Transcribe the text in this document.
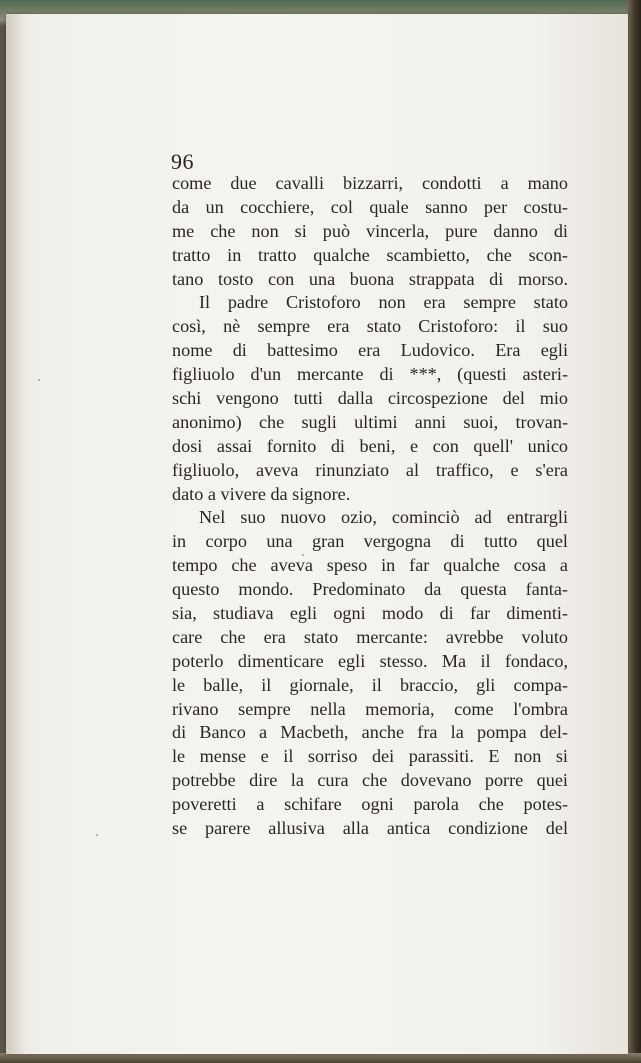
96
come due cavalli bizzarri, condotti a mano
da un cocchiere, col quale sanno per costu-
me che non si può vincerla, pure danno di
tratto in tratto qualche scambietto, che scon-
tano tosto con una buona strappata di morso.
Il padre Cristoforo non era sempre stato
così, nè sempre era stato Cristoforo: il suo
nome di battesimo era Ludovico. Era egli
figliuolo d'un mercante di ***, (questi asteri-
schi vengono tutti dalla circospezione del mio
anonimo) che sugli ultimi anni suoi, trovan-
dosi assai fornito di beni, e con quell' unico
figliuolo, aveva rinunziato al traffico, e s'era
dato a vivere da signore.
Nel suo nuovo ozio, cominciò ad entrargli
in corpo una gran vergogna di tutto quel
tempo che aveva speso in far qualche cosa a
questo mondo. Predominato da questa fanta-
sia, studiava egli ogni modo di far dimenti-
care che era stato mercante: avrebbe voluto
poterlo dimenticare egli stesso. Ma il fondaco,
le balle, il giornale, il braccio, gli compa-
rivano sempre nella memoria, come l'ombra
di Banco a Macbeth, anche fra la pompa del-
le mense e il sorriso dei parassiti. E non si
potrebbe dire la cura che dovevano porre quei
poveretti a schifare ogni parola che potes-
se parere allusiva alla antica condizione del
